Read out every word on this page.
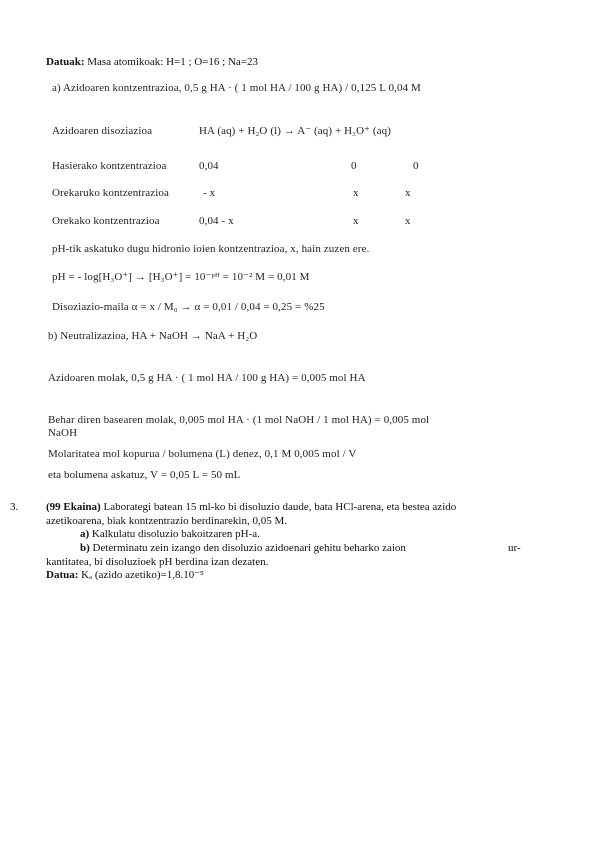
Datuak: Masa atomikoak: H=1 ; O=16 ; Na=23
a) Azidoaren kontzentrazioa, 0,5 g HA · ( 1 mol HA / 100 g HA) / 0,125 L 0,04 M
Azidoaren disoziazioa	HA (aq) + H₂O (l) → A⁻ (aq) + H₃O⁺ (aq)
Hasierako kontzentrazioa	0,04	0	0
Orekaruko kontzentrazioa	- x	x	x
Orekako kontzentrazioa	0,04 - x	x	x
pH-tik askatuko dugu hidronio ioien kontzentrazioa, x, hain zuzen ere.
pH = - log[H₃O⁺] → [H₃O⁺] = 10⁻ᵖᴴ = 10⁻² M = 0,01 M
Disoziazio-maila α = x / M₀ → α = 0,01 / 0,04 = 0,25 = %25
b) Neutralizazioa, HA + NaOH → NaA + H₂O
Azidoaren molak, 0,5 g HA · ( 1 mol HA / 100 g HA) = 0,005 mol HA
Behar diren basearen molak, 0,005 mol HA · (1 mol NaOH / 1 mol HA) = 0,005 mol
NaOH
Molaritatea mol kopurua / bolumena (L) denez, 0,1 M 0,005 mol / V
eta bolumena askatuz, V = 0,05 L = 50 mL
3.	(99 Ekaina) Laborategi batean 15 ml-ko bi disoluzio daude, bata HCl-arena, eta bestea azido
azetikoarena, biak kontzentrazio berdinarekin, 0,05 M.
a) Kalkulatu disoluzio bakoitzaren pH-a.
b) Determinatu zein izango den disoluzio azidoenari gehitu beharko zaion	ur-
kantitatea, bi disoluzioek pH berdina izan dezaten.
Datua: Kₐ (azido azetiko)=1,8.10⁻⁵
